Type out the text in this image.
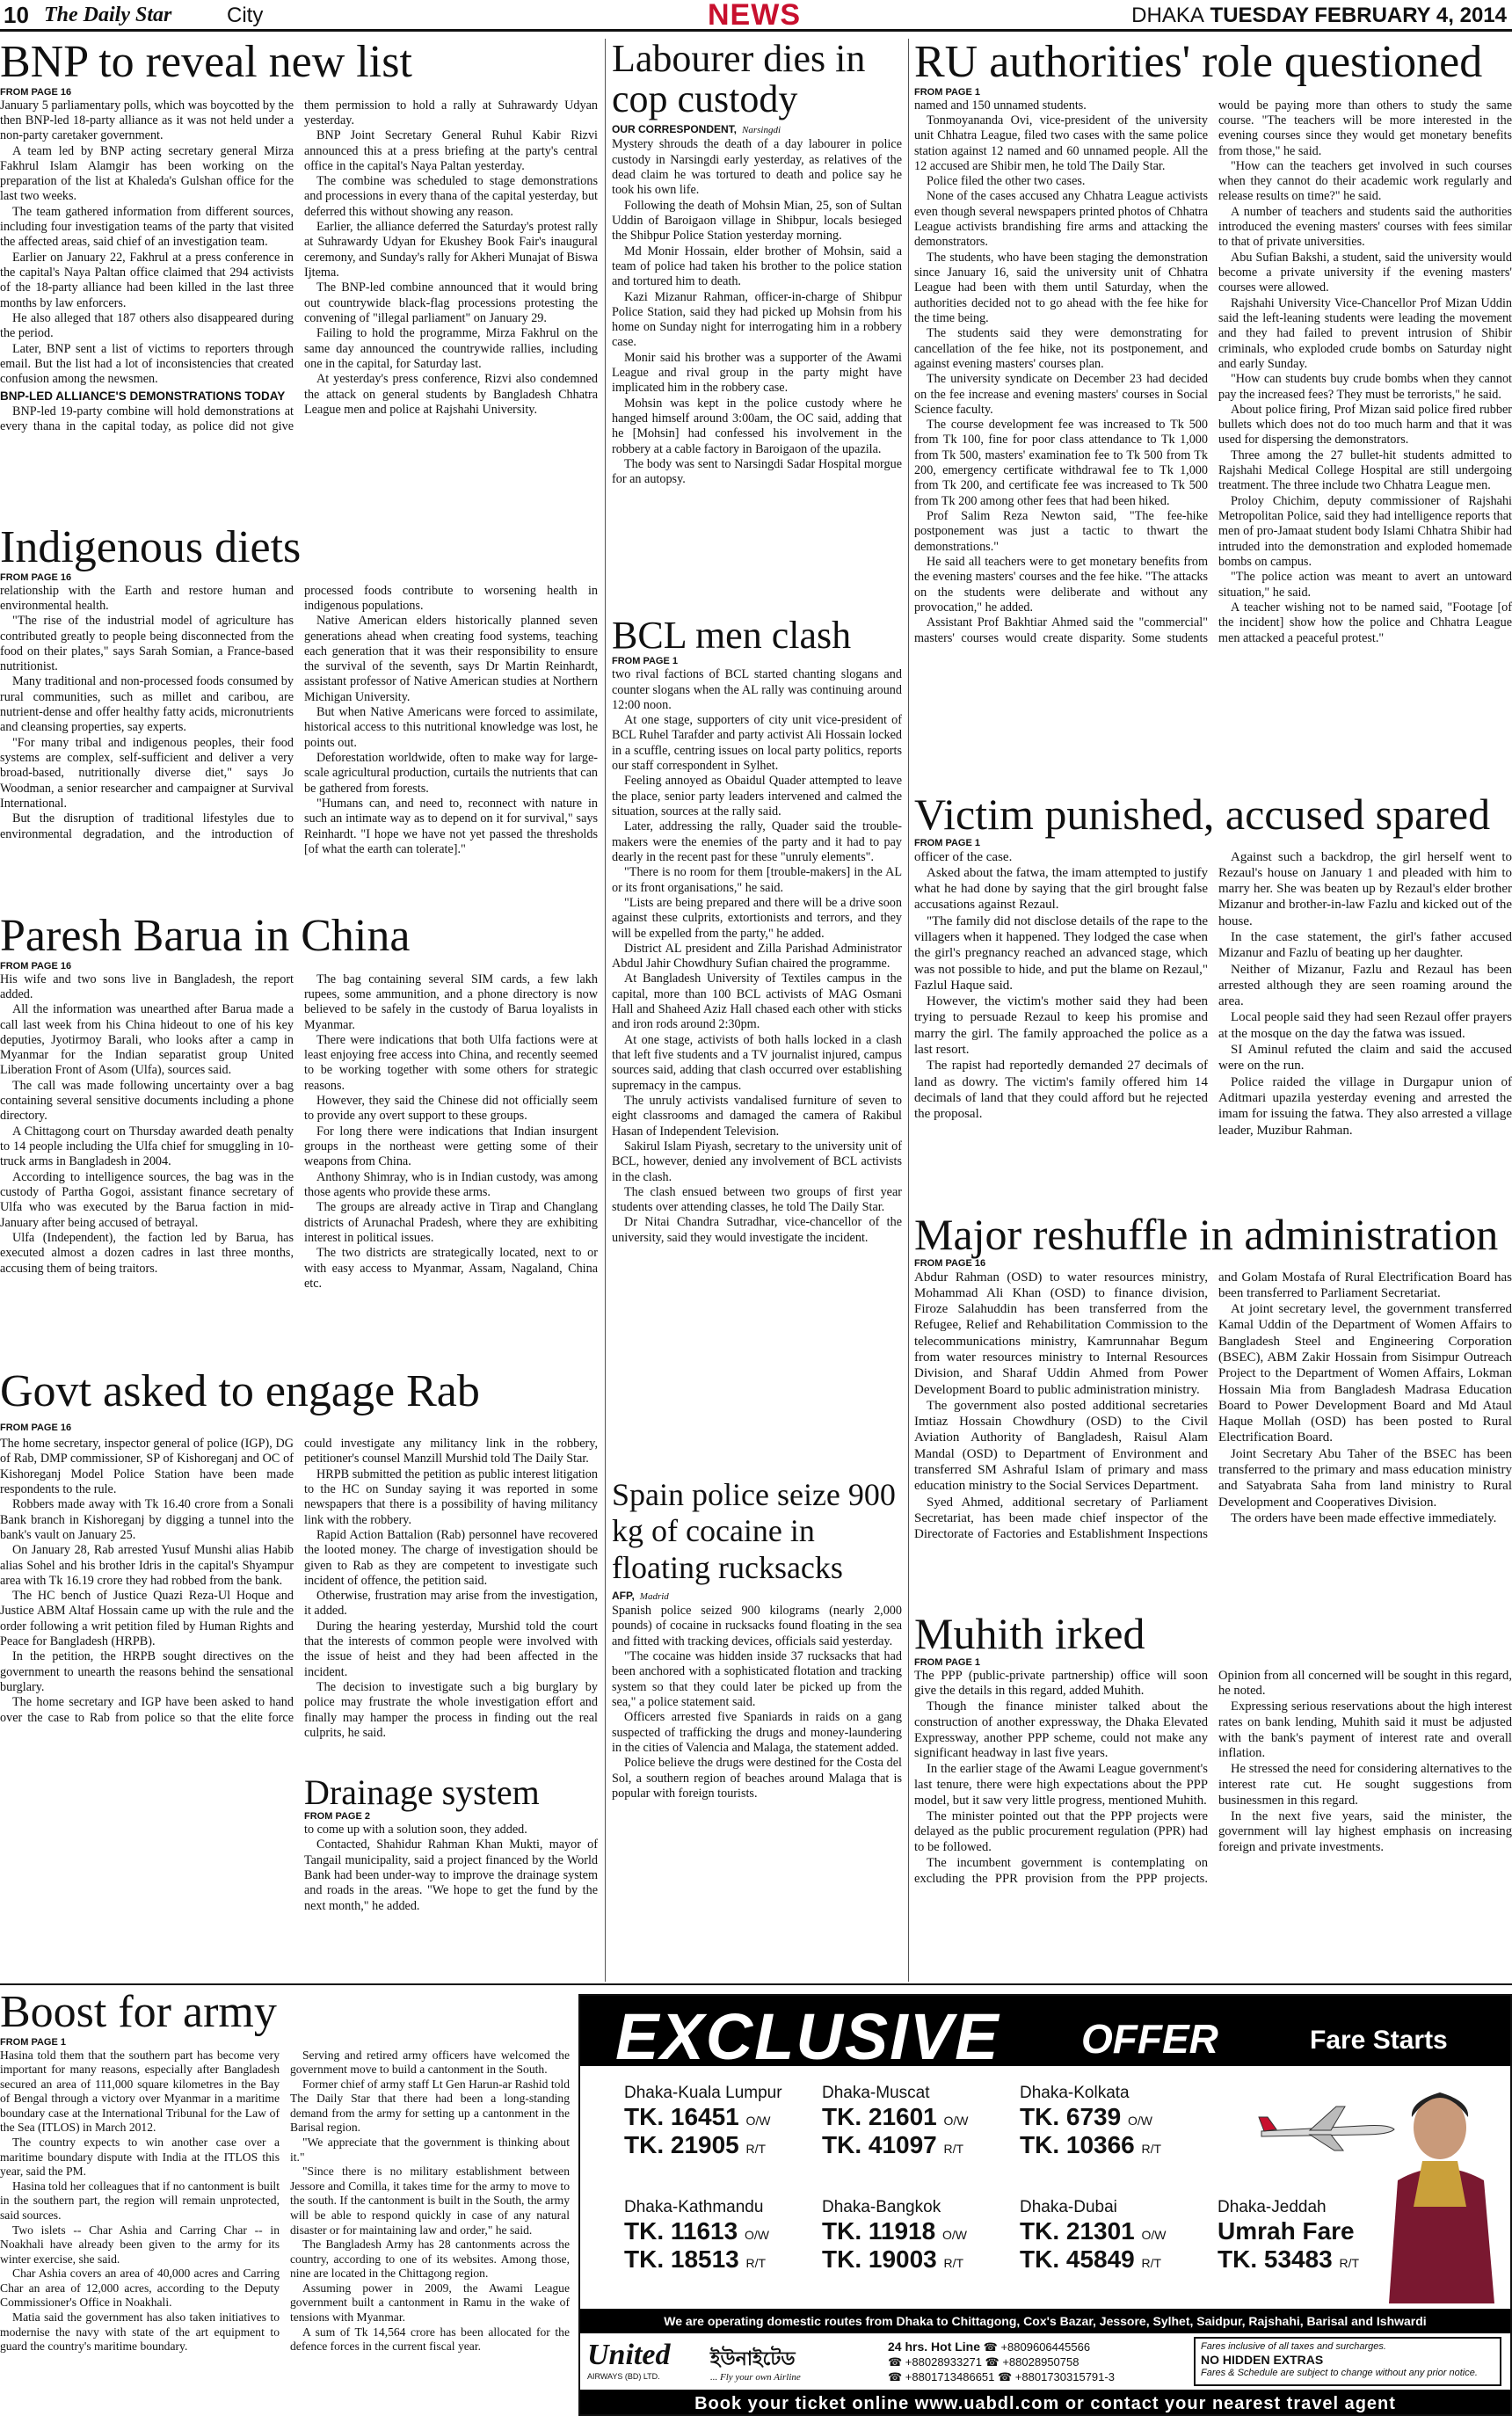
10 The Daily Star	City	NEWS	DHAKA TUESDAY FEBRUARY 4, 2014
BNP to reveal new list
FROM PAGE 16

January 5 parliamentary polls, which was boycotted by the then BNP-led 18-party alliance as it was not held under a non-party caretaker government.

A team led by BNP acting secretary general Mirza Fakhrul Islam Alamgir has been working on the preparation of the list at Khaleda's Gulshan office for the last two weeks.

The team gathered information from different sources, including four investigation teams of the party that visited the affected areas, said chief of an investigation team.

Earlier on January 22, Fakhrul at a press conference in the capital's Naya Paltan office claimed that 294 activists of the 18-party alliance had been killed in the last three months by law enforcers.

He also alleged that 187 others also disappeared during the period.

Later, BNP sent a list of victims to reporters through email. But the list had a lot of inconsistencies that created confusion among the newsmen.

BNP-LED ALLIANCE'S DEMONSTRATIONS TODAY

BNP-led 19-party combine will hold demonstrations at every thana in the capital today, as police did not give them permission to hold a rally at Suhrawardy Udyan yesterday.

BNP Joint Secretary General Ruhul Kabir Rizvi announced this at a press briefing at the party's central office in the capital's Naya Paltan yesterday.

The combine was scheduled to stage demonstrations and processions in every thana of the capital yesterday, but deferred this without showing any reason.

Earlier, the alliance deferred the Saturday's protest rally at Suhrawardy Udyan for Ekushey Book Fair's inaugural ceremony, and Sunday's rally for Akheri Munajat of Biswa Ijtema.

The BNP-led combine announced that it would bring out countrywide black-flag processions protesting the convening of "illegal parliament" on January 29.

Failing to hold the programme, Mirza Fakhrul on the same day announced the countrywide rallies, including one in the capital, for Saturday last.

At yesterday's press conference, Rizvi also condemned the attack on general students by Bangladesh Chhatra League men and police at Rajshahi University.

Indigenous diets
FROM PAGE 16

relationship with the Earth and restore human and environmental health.

"The rise of the industrial model of agriculture has contributed greatly to people being disconnected from the food on their plates," says Sarah Somian, a France-based nutritionist.

Many traditional and non-processed foods consumed by rural communities, such as millet and caribou, are nutrient-dense and offer healthy fatty acids, micronutrients and cleansing properties, say experts.

"For many tribal and indigenous peoples, their food systems are complex, self-sufficient and deliver a very broad-based, nutritionally diverse diet," says Jo Woodman, a senior researcher and campaigner at Survival International.

But the disruption of traditional lifestyles due to environmental degradation, and the introduction of processed foods contribute to worsening health in indigenous populations.

Native American elders historically planned seven generations ahead when creating food systems, teaching each generation that it was their responsibility to ensure the survival of the seventh, says Dr Martin Reinhardt, assistant professor of Native American studies at Northern Michigan University.

But when Native Americans were forced to assimilate, historical access to this nutritional knowledge was lost, he points out.

Deforestation worldwide, often to make way for large-scale agricultural production, curtails the nutrients that can be gathered from forests.

"Humans can, and need to, reconnect with nature in such an intimate way as to depend on it for survival," says Reinhardt. "I hope we have not yet passed the thresholds [of what the earth can tolerate]."

Paresh Barua in China
FROM PAGE 16

His wife and two sons live in Bangladesh, the report added.

All the information was unearthed after Barua made a call last week from his China hideout to one of his key deputies, Jyotirmoy Barali, who looks after a camp in Myanmar for the Indian separatist group United Liberation Front of Asom (Ulfa), sources said.

The call was made following uncertainty over a bag containing several sensitive documents including a phone directory.

A Chittagong court on Thursday awarded death penalty to 14 people including the Ulfa chief for smuggling in 10-truck arms in Bangladesh in 2004.

According to intelligence sources, the bag was in the custody of Partha Gogoi, assistant finance secretary of Ulfa who was executed by the Barua faction in mid-January after being accused of betrayal.

Ulfa (Independent), the faction led by Barua, has executed almost a dozen cadres in last three months, accusing them of being traitors.

The bag containing several SIM cards, a few lakh rupees, some ammunition, and a phone directory is now believed to be safely in the custody of Barua loyalists in Myanmar.

There were indications that both Ulfa factions were at least enjoying free access into China, and recently seemed to be working together with some others for strategic reasons.

However, they said the Chinese did not officially seem to provide any overt support to these groups.

For long there were indications that Indian insurgent groups in the northeast were getting some of their weapons from China.

Anthony Shimray, who is in Indian custody, was among those agents who provide these arms.

The groups are already active in Tirap and Changlang districts of Arunachal Pradesh, where they are exhibiting interest in political issues.

The two districts are strategically located, next to or with easy access to Myanmar, Assam, Nagaland, China etc.

Govt asked to engage Rab
FROM PAGE 16

The home secretary, inspector general of police (IGP), DG of Rab, DMP commissioner, SP of Kishoreganj and OC of Kishoreganj Model Police Station have been made respondents to the rule.

Robbers made away with Tk 16.40 crore from a Sonali Bank branch in Kishoreganj by digging a tunnel into the bank's vault on January 25.

On January 28, Rab arrested Yusuf Munshi alias Habib alias Sohel and his brother Idris in the capital's Shyampur area with Tk 16.19 crore they had robbed from the bank.

The HC bench of Justice Quazi Reza-Ul Hoque and Justice ABM Altaf Hossain came up with the rule and the order following a writ petition filed by Human Rights and Peace for Bangladesh (HRPB).

In the petition, the HRPB sought directives on the government to unearth the reasons behind the sensational burglary.

The home secretary and IGP have been asked to hand over the case to Rab from police so that the elite force could investigate any militancy link in the robbery, petitioner's counsel Manzill Murshid told The Daily Star.

HRPB submitted the petition as public interest litigation to the HC on Sunday saying it was reported in some newspapers that there is a possibility of having militancy link with the robbery.

Rapid Action Battalion (Rab) personnel have recovered the looted money. The charge of investigation should be given to Rab as they are competent to investigate such incident of offence, the petition said.

Otherwise, frustration may arise from the investigation, it added.

During the hearing yesterday, Murshid told the court that the interests of common people were involved with the issue of heist and they had been affected in the incident.

The decision to investigate such a big burglary by police may frustrate the whole investigation effort and finally may hamper the process in finding out the real culprits, he said.

Drainage system
FROM PAGE 2

to come up with a solution soon, they added.

Contacted, Shahidur Rahman Khan Mukti, mayor of Tangail municipality, said a project financed by the World Bank had been under-way to improve the drainage system and roads in the areas. "We hope to get the fund by the next month," he added.

Labourer dies in cop custody
OUR CORRESPONDENT, Narsingdi

Mystery shrouds the death of a day labourer in police custody in Narsingdi early yesterday, as relatives of the dead claim he was tortured to death and police say he took his own life.

Following the death of Mohsin Mian, 25, son of Sultan Uddin of Baroigaon village in Shibpur, locals besieged the Shibpur Police Station yesterday morning.

Md Monir Hossain, elder brother of Mohsin, said a team of police had taken his brother to the police station and tortured him to death.

Kazi Mizanur Rahman, officer-in-charge of Shibpur Police Station, said they had picked up Mohsin from his home on Sunday night for interrogating him in a robbery case.

Monir said his brother was a supporter of the Awami League and rival group in the party might have implicated him in the robbery case.

Mohsin was kept in the police custody where he hanged himself around 3:00am, the OC said, adding that he [Mohsin] had confessed his involvement in the robbery at a cable factory in Baroigaon of the upazila.

The body was sent to Narsingdi Sadar Hospital morgue for an autopsy.

BCL men clash
FROM PAGE 1

two rival factions of BCL started chanting slogans and counter slogans when the AL rally was continuing around 12:00 noon.

At one stage, supporters of city unit vice-president of BCL Ruhel Tarafder and party activist Ali Hossain locked in a scuffle, centring issues on local party politics, reports our staff correspondent in Sylhet.

Feeling annoyed as Obaidul Quader attempted to leave the place, senior party leaders intervened and calmed the situation, sources at the rally said.

Later, addressing the rally, Quader said the trouble-makers were the enemies of the party and it had to pay dearly in the recent past for these "unruly elements".

"There is no room for them [trouble-makers] in the AL or its front organisations," he said.

"Lists are being prepared and there will be a drive soon against these culprits, extortionists and terrors, and they will be expelled from the party," he added.

District AL president and Zilla Parishad Administrator Abdul Jahir Chowdhury Sufian chaired the programme.

At Bangladesh University of Textiles campus in the capital, more than 100 BCL activists of MAG Osmani Hall and Shaheed Aziz Hall chased each other with sticks and iron rods around 2:30pm.

At one stage, activists of both halls locked in a clash that left five students and a TV journalist injured, campus sources said, adding that clash occurred over establishing supremacy in the campus.

The unruly activists vandalised furniture of seven to eight classrooms and damaged the camera of Rakibul Hasan of Independent Television.

Sakirul Islam Piyash, secretary to the university unit of BCL, however, denied any involvement of BCL activists in the clash.

The clash ensued between two groups of first year students over attending classes, he told The Daily Star.

Dr Nitai Chandra Sutradhar, vice-chancellor of the university, said they would investigate the incident.

Spain police seize 900 kg of cocaine in floating rucksacks
AFP, Madrid

Spanish police seized 900 kilograms (nearly 2,000 pounds) of cocaine in rucksacks found floating in the sea and fitted with tracking devices, officials said yesterday.

"The cocaine was hidden inside 37 rucksacks that had been anchored with a sophisticated flotation and tracking system so that they could later be picked up from the sea," a police statement said.

Officers arrested five Spaniards in raids on a gang suspected of trafficking the drugs and money-laundering in the cities of Valencia and Malaga, the statement added.

Police believe the drugs were destined for the Costa del Sol, a southern region of beaches around Malaga that is popular with foreign tourists.

RU authorities' role questioned
FROM PAGE 1

named and 150 unnamed students.

Tonmoyananda Ovi, vice-president of the university unit Chhatra League, filed two cases with the same police station against 12 named and 60 unnamed people. All the 12 accused are Shibir men, he told The Daily Star.

Police filed the other two cases.

None of the cases accused any Chhatra League activists even though several newspapers printed photos of Chhatra League activists brandishing fire arms and attacking the demonstrators.

The students, who have been staging the demonstration since January 16, said the university unit of Chhatra League had been with them until Saturday, when the authorities decided not to go ahead with the fee hike for the time being.

The students said they were demonstrating for cancellation of the fee hike, not its postponement, and against evening masters' courses plan.

The university syndicate on December 23 had decided on the fee increase and evening masters' courses in Social Science faculty.

The course development fee was increased to Tk 500 from Tk 100, fine for poor class attendance to Tk 1,000 from Tk 500, masters' examination fee to Tk 500 from Tk 200, emergency certificate withdrawal fee to Tk 1,000 from Tk 200, and certificate fee was increased to Tk 500 from Tk 200 among other fees that had been hiked.

Prof Salim Reza Newton said, "The fee-hike postponement was just a tactic to thwart the demonstrations."

He said all teachers were to get monetary benefits from the evening masters' courses and the fee hike. "The attacks on the students were deliberate and without any provocation," he added.

Assistant Prof Bakhtiar Ahmed said the "commercial" masters' courses would create disparity. Some students would be paying more than others to study the same course. "The teachers will be more interested in the evening courses since they would get monetary benefits from those," he said.

"How can the teachers get involved in such courses when they cannot do their academic work regularly and release results on time?" he said.

A number of teachers and students said the authorities introduced the evening masters' courses with fees similar to that of private universities.

Abu Sufian Bakshi, a student, said the university would become a private university if the evening masters' courses were allowed.

Rajshahi University Vice-Chancellor Prof Mizan Uddin said the left-leaning students were leading the movement and they had failed to prevent intrusion of Shibir criminals, who exploded crude bombs on Saturday night and early Sunday.

"How can students buy crude bombs when they cannot pay the increased fees? They must be terrorists," he said.

About police firing, Prof Mizan said police fired rubber bullets which does not do too much harm and that it was used for dispersing the demonstrators.

Three among the 27 bullet-hit students admitted to Rajshahi Medical College Hospital are still undergoing treatment. The three include two Chhatra League men.

Proloy Chichim, deputy commissioner of Rajshahi Metropolitan Police, said they had intelligence reports that men of pro-Jamaat student body Islami Chhatra Shibir had intruded into the demonstration and exploded homemade bombs on campus.

"The police action was meant to avert an untoward situation," he said.

A teacher wishing not to be named said, "Footage [of the incident] show how the police and Chhatra League men attacked a peaceful protest."

Victim punished, accused spared
FROM PAGE 1

officer of the case.

Asked about the fatwa, the imam attempted to justify what he had done by saying that the girl brought false accusations against Rezaul.

"The family did not disclose details of the rape to the villagers when it happened. They lodged the case when the girl's pregnancy reached an advanced stage, which was not possible to hide, and put the blame on Rezaul," Fazlul Haque said.

However, the victim's mother said they had been trying to persuade Rezaul to keep his promise and marry the girl. The family approached the police as a last resort.

The rapist had reportedly demanded 27 decimals of land as dowry. The victim's family offered him 14 decimals of land that they could afford but he rejected the proposal.

Against such a backdrop, the girl herself went to Rezaul's house on January 1 and pleaded with him to marry her. She was beaten up by Rezaul's elder brother Mizanur and brother-in-law Fazlu and kicked out of the house.

In the case statement, the girl's father accused Mizanur and Fazlu of beating up her daughter.

Neither of Mizanur, Fazlu and Rezaul has been arrested although they are seen roaming around the area.

Local people said they had seen Rezaul offer prayers at the mosque on the day the fatwa was issued.

SI Aminul refuted the claim and said the accused were on the run.

Police raided the village in Durgapur union of Aditmari upazila yesterday evening and arrested the imam for issuing the fatwa. They also arrested a village leader, Muzibur Rahman.

Major reshuffle in administration
FROM PAGE 16

Abdur Rahman (OSD) to water resources ministry, Mohammad Ali Khan (OSD) to finance division, Firoze Salahuddin has been transferred from the Refugee, Relief and Rehabilitation Commission to the telecommunications ministry, Kamrunnahar Begum from water resources ministry to Internal Resources Division, and Sharaf Uddin Ahmed from Power Development Board to public administration ministry.

The government also posted additional secretaries Imtiaz Hossain Chowdhury (OSD) to the Civil Aviation Authority of Bangladesh, Raisul Alam Mandal (OSD) to Department of Environment and transferred SM Ashraful Islam of primary and mass education ministry to the Social Services Department.

Syed Ahmed, additional secretary of Parliament Secretariat, has been made chief inspector of the Directorate of Factories and Establishment Inspections and Golam Mostafa of Rural Electrification Board has been transferred to Parliament Secretariat.

At joint secretary level, the government transferred Kamal Uddin of the Department of Women Affairs to Bangladesh Steel and Engineering Corporation (BSEC), ABM Zakir Hossain from Sisimpur Outreach Project to the Department of Women Affairs, Lokman Hossain Mia from Bangladesh Madrasa Education Board to Power Development Board and Md Ataul Haque Mollah (OSD) has been posted to Rural Electrification Board.

Joint Secretary Abu Taher of the BSEC has been transferred to the primary and mass education ministry and Satyabrata Saha from land ministry to Rural Development and Cooperatives Division.

The orders have been made effective immediately.

Muhith irked
FROM PAGE 1

The PPP (public-private partnership) office will soon give the details in this regard, added Muhith.

Though the finance minister talked about the construction of another expressway, the Dhaka Elevated Expressway, another PPP scheme, could not make any significant headway in last five years.

In the earlier stage of the Awami League government's last tenure, there were high expectations about the PPP model, but it saw very little progress, mentioned Muhith.

The minister pointed out that the PPP projects were delayed as the public procurement regulation (PPR) had to be followed.

The incumbent government is contemplating on excluding the PPR provision from the PPP projects. Opinion from all concerned will be sought in this regard, he noted.

Expressing serious reservations about the high interest rates on bank lending, Muhith said it must be adjusted with the bank's payment of interest rate and overall inflation.

He stressed the need for considering alternatives to the interest rate cut. He sought suggestions from businessmen in this regard.

In the next five years, said the minister, the government will lay highest emphasis on increasing foreign and private investments.

Boost for army
FROM PAGE 1

Hasina told them that the southern part has become very important for many reasons, especially after Bangladesh secured an area of 111,000 square kilometres in the Bay of Bengal through a victory over Myanmar in a maritime boundary case at the International Tribunal for the Law of the Sea (ITLOS) in March 2012.

The country expects to win another case over a maritime boundary dispute with India at the ITLOS this year, said the PM.

Hasina told her colleagues that if no cantonment is built in the southern part, the region will remain unprotected, said sources.

Two islets -- Char Ashia and Carring Char -- in Noakhali have already been given to the army for its winter exercise, she said.

Char Ashia covers an area of 40,000 acres and Carring Char an area of 12,000 acres, according to the Deputy Commissioner's Office in Noakhali.

Matia said the government has also taken initiatives to modernise the navy with state of the art equipment to guard the country's maritime boundary.

Serving and retired army officers have welcomed the government move to build a cantonment in the South.

Former chief of army staff Lt Gen Harun-ar Rashid told The Daily Star that there had been a long-standing demand from the army for setting up a cantonment in the Barisal region.

"We appreciate that the government is thinking about it."

"Since there is no military establishment between Jessore and Comilla, it takes time for the army to move to the south. If the cantonment is built in the South, the army will be able to respond quickly in case of any natural disaster or for maintaining law and order," he said.

The Bangladesh Army has 28 cantonments across the country, according to one of its websites. Among those, nine are located in the Chittagong region.

Assuming power in 2009, the Awami League government built a cantonment in Ramu in the wake of tensions with Myanmar.

A sum of Tk 14,564 crore has been allocated for the defence forces in the current fiscal year.

EXCLUSIVE OFFER	Fare Starts
Dhaka-Kuala Lumpur
TK. 16451 O/W
TK. 21905 R/T
Dhaka-Muscat
TK. 21601 O/W
TK. 41097 R/T
Dhaka-Kolkata
TK. 6739 O/W
TK. 10366 R/T
Dhaka-Kathmandu
TK. 11613 O/W
TK. 18513 R/T
Dhaka-Bangkok
TK. 11918 O/W
TK. 19003 R/T
Dhaka-Dubai
TK. 21301 O/W
TK. 45849 R/T
Dhaka-Jeddah
Umrah Fare
TK. 53483 R/T
We are operating domestic routes from Dhaka to Chittagong, Cox's Bazar, Jessore, Sylhet, Saidpur, Rajshahi, Barisal and Ishwardi
United ইউনাইটেড
AIRWAYS (BD) LTD.	... Fly your own Airline
24 hrs. Hot Line ☎ +8809606445566
☎ +88028933271 ☎ +88028950758
☎ +8801713486651 ☎ +8801730315791-3
Fares inclusive of all taxes and surcharges.
NO HIDDEN EXTRAS
Fares & Schedule are subject to change without any prior notice.
Book your ticket online www.uabdl.com or contact your nearest travel agent
